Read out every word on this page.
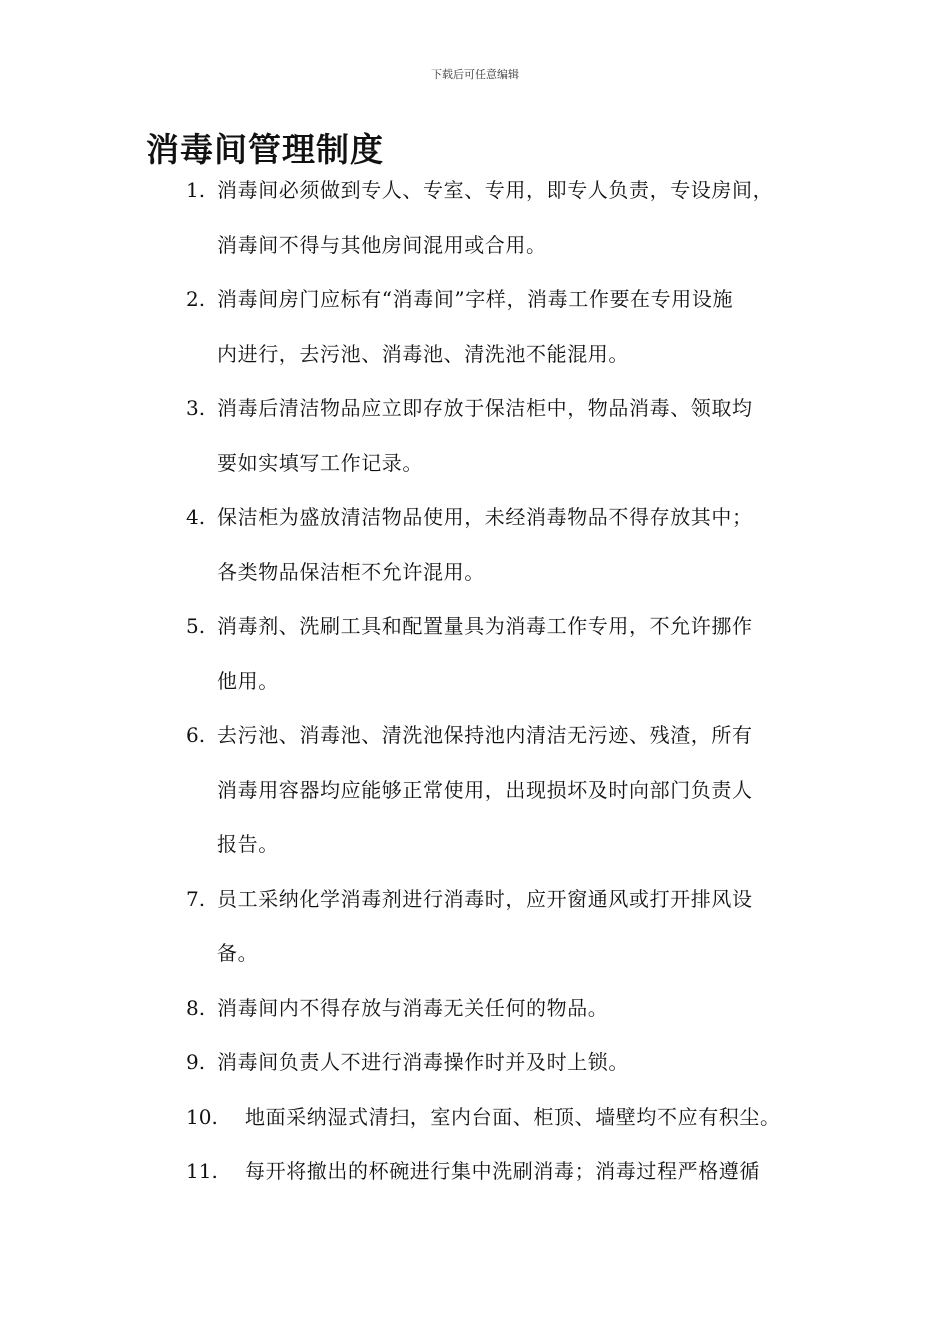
下载后可任意编辑
消毒间管理制度
1. 消毒间必须做到专人、专室、专用，即专人负责，专设房间，
消毒间不得与其他房间混用或合用。
2. 消毒间房门应标有“消毒间”字样，消毒工作要在专用设施
内进行，去污池、消毒池、清洗池不能混用。
3. 消毒后清洁物品应立即存放于保洁柜中，物品消毒、领取均
要如实填写工作记录。
4. 保洁柜为盛放清洁物品使用，未经消毒物品不得存放其中；
各类物品保洁柜不允许混用。
5. 消毒剂、洗刷工具和配置量具为消毒工作专用，不允许挪作
他用。
6. 去污池、消毒池、清洗池保持池内清洁无污迹、残渣，所有
消毒用容器均应能够正常使用，出现损坏及时向部门负责人
报告。
7. 员工采纳化学消毒剂进行消毒时，应开窗通风或打开排风设
备。
8. 消毒间内不得存放与消毒无关任何的物品。
9. 消毒间负责人不进行消毒操作时并及时上锁。
10.	地面采纳湿式清扫，室内台面、柜顶、墙壁均不应有积尘。
11.	每开将撤出的杯碗进行集中洗刷消毒；消毒过程严格遵循
